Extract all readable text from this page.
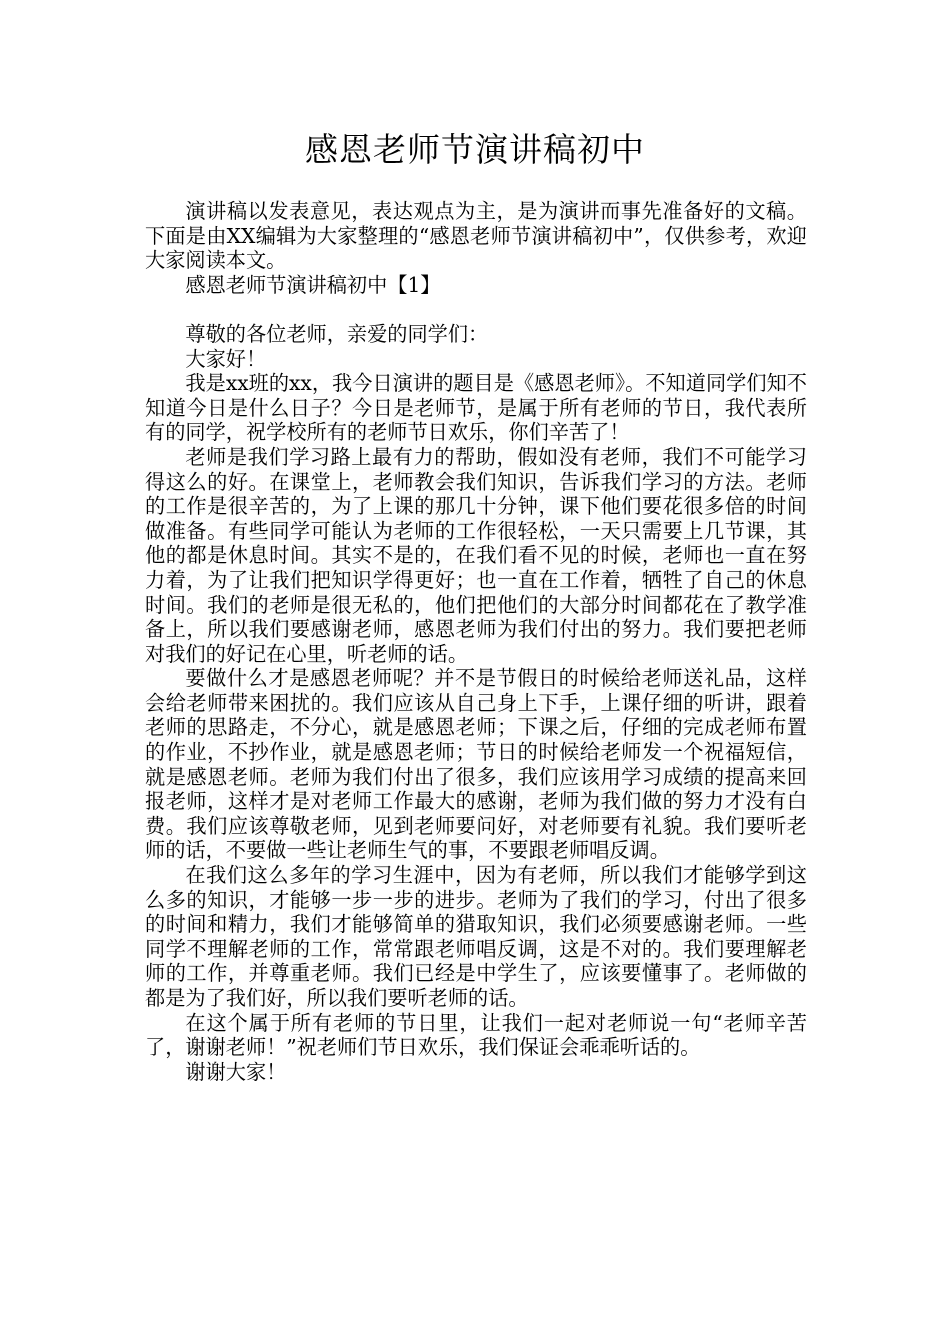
感恩老师节演讲稿初中

演讲稿以发表意见，表达观点为主，是为演讲而事先准备好的文稿。下面是由XX编辑为大家整理的“感恩老师节演讲稿初中”，仅供参考，欢迎大家阅读本文。

感恩老师节演讲稿初中【1】

尊敬的各位老师，亲爱的同学们：

大家好！

我是xx班的xx，我今日演讲的题目是《感恩老师》。不知道同学们知不知道今日是什么日子？今日是老师节，是属于所有老师的节日，我代表所有的同学，祝学校所有的老师节日欢乐，你们辛苦了！

老师是我们学习路上最有力的帮助，假如没有老师，我们不可能学习得这么的好。在课堂上，老师教会我们知识，告诉我们学习的方法。老师的工作是很辛苦的，为了上课的那几十分钟，课下他们要花很多倍的时间做准备。有些同学可能认为老师的工作很轻松，一天只需要上几节课，其他的都是休息时间。其实不是的，在我们看不见的时候，老师也一直在努力着，为了让我们把知识学得更好；也一直在工作着，牺牲了自己的休息时间。我们的老师是很无私的，他们把他们的大部分时间都花在了教学准备上，所以我们要感谢老师，感恩老师为我们付出的努力。我们要把老师对我们的好记在心里，听老师的话。

要做什么才是感恩老师呢？并不是节假日的时候给老师送礼品，这样会给老师带来困扰的。我们应该从自己身上下手，上课仔细的听讲，跟着老师的思路走，不分心，就是感恩老师；下课之后，仔细的完成老师布置的作业，不抄作业，就是感恩老师；节日的时候给老师发一个祝福短信，就是感恩老师。老师为我们付出了很多，我们应该用学习成绩的提高来回报老师，这样才是对老师工作最大的感谢，老师为我们做的努力才没有白费。我们应该尊敬老师，见到老师要问好，对老师要有礼貌。我们要听老师的话，不要做一些让老师生气的事，不要跟老师唱反调。

在我们这么多年的学习生涯中，因为有老师，所以我们才能够学到这么多的知识，才能够一步一步的进步。老师为了我们的学习，付出了很多的时间和精力，我们才能够简单的猎取知识，我们必须要感谢老师。一些同学不理解老师的工作，常常跟老师唱反调，这是不对的。我们要理解老师的工作，并尊重老师。我们已经是中学生了，应该要懂事了。老师做的都是为了我们好，所以我们要听老师的话。

在这个属于所有老师的节日里，让我们一起对老师说一句“老师辛苦了，谢谢老师！”祝老师们节日欢乐，我们保证会乖乖听话的。

谢谢大家！
